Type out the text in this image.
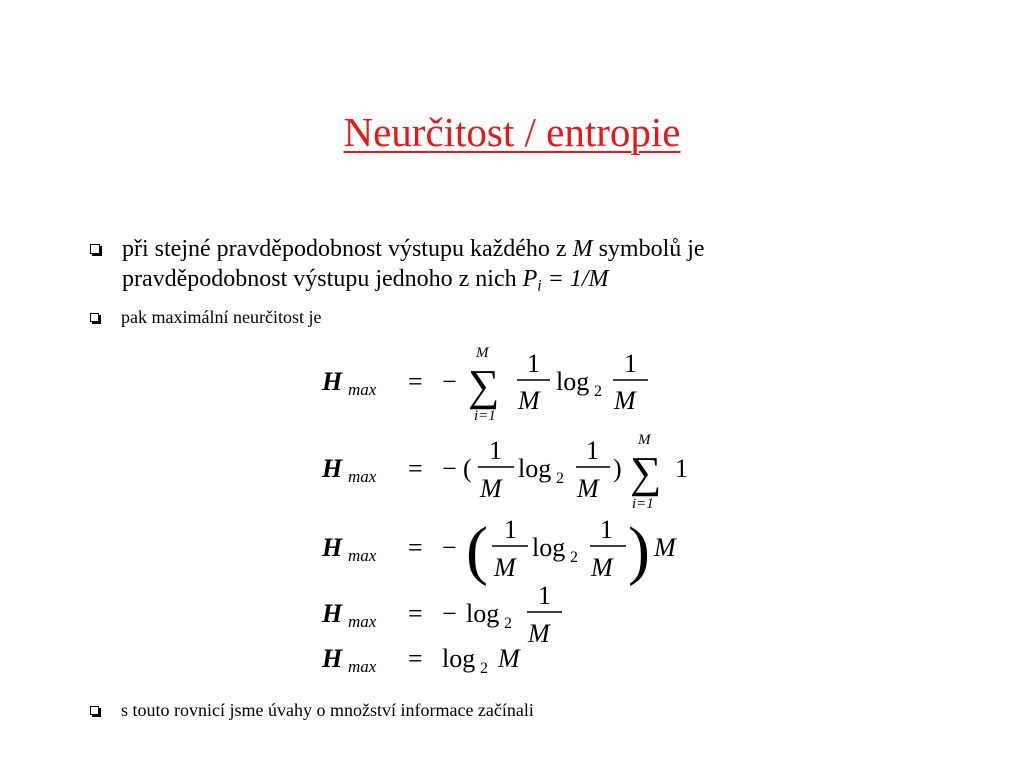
Neurčitost / entropie
při stejné pravděpodobnost výstupu každého z M symbolů je
pravděpodobnost výstupu jednoho z nich $P_i = 1/M$
pak maximální neurčitost je
H max = −
M
∑
i=1
1
M
log 2
1
M
H max = − (
1
M
log 2
1
M
)
M
∑
i=1
1
H max = − ( 1
M
log 2
1
M ) M
H max = − log 2
1
M
H max = log 2 M
s touto rovnicí jsme úvahy o množství informace začínali
